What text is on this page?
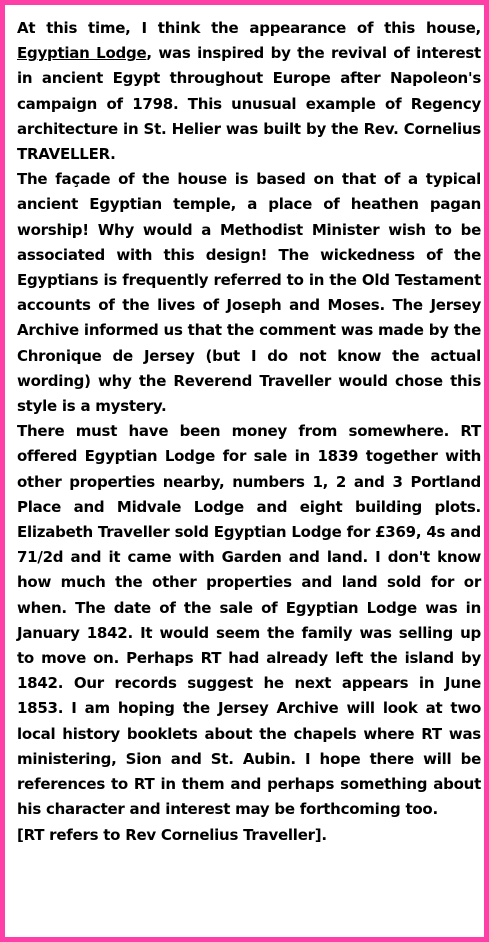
At this time, I think the appearance of this house, Egyptian Lodge, was inspired by the revival of interest in ancient Egypt throughout Europe after Napoleon's campaign of 1798. This unusual example of Regency architecture in St. Helier was built by the Rev. Cornelius TRAVELLER.

The façade of the house is based on that of a typical ancient Egyptian temple, a place of heathen pagan worship! Why would a Methodist Minister wish to be associated with this design! The wickedness of the Egyptians is frequently referred to in the Old Testament accounts of the lives of Joseph and Moses. The Jersey Archive informed us that the comment was made by the Chronique de Jersey (but I do not know the actual wording) why the Reverend Traveller would chose this style is a mystery.

There must have been money from somewhere. RT offered Egyptian Lodge for sale in 1839 together with other properties nearby, numbers 1, 2 and 3 Portland Place and Midvale Lodge and eight building plots. Elizabeth Traveller sold Egyptian Lodge for £369, 4s and 71/2d and it came with Garden and land. I don't know how much the other properties and land sold for or when. The date of the sale of Egyptian Lodge was in January 1842. It would seem the family was selling up to move on. Perhaps RT had already left the island by 1842. Our records suggest he next appears in June 1853. I am hoping the Jersey Archive will look at two local history booklets about the chapels where RT was ministering, Sion and St. Aubin. I hope there will be references to RT in them and perhaps something about his character and interest may be forthcoming too.

[RT refers to Rev Cornelius Traveller].
